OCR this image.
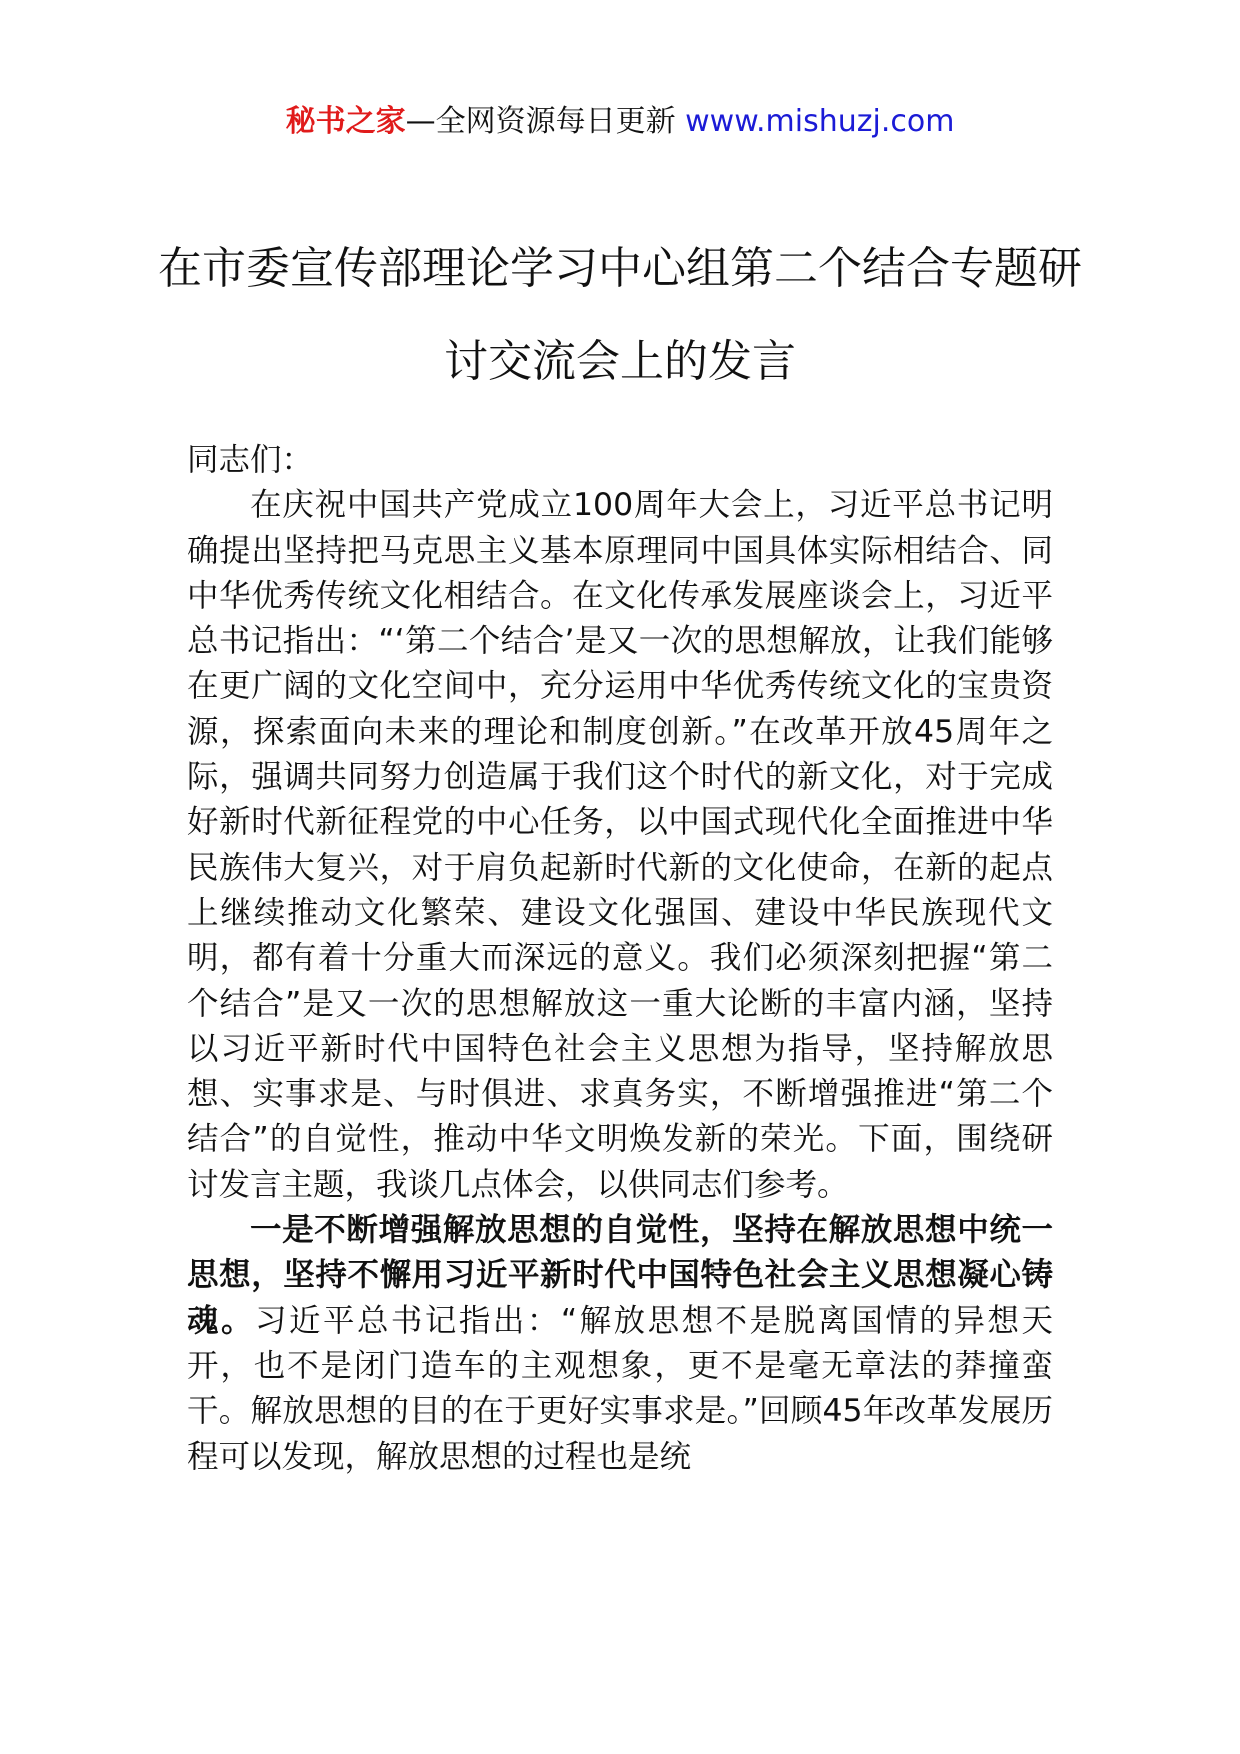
秘书之家—全网资源每日更新 www.mishuzj.com
在市委宣传部理论学习中心组第二个结合专题研讨交流会上的发言

同志们：

在庆祝中国共产党成立100周年大会上，习近平总书记明确提出坚持把马克思主义基本原理同中国具体实际相结合、同中华优秀传统文化相结合。在文化传承发展座谈会上，习近平总书记指出：“‘第二个结合’是又一次的思想解放，让我们能够在更广阔的文化空间中，充分运用中华优秀传统文化的宝贵资源，探索面向未来的理论和制度创新。”在改革开放45周年之际，强调共同努力创造属于我们这个时代的新文化，对于完成好新时代新征程党的中心任务，以中国式现代化全面推进中华民族伟大复兴，对于肩负起新时代新的文化使命，在新的起点上继续推动文化繁荣、建设文化强国、建设中华民族现代文明，都有着十分重大而深远的意义。我们必须深刻把握“第二个结合”是又一次的思想解放这一重大论断的丰富内涵，坚持以习近平新时代中国特色社会主义思想为指导，坚持解放思想、实事求是、与时俱进、求真务实，不断增强推进“第二个结合”的自觉性，推动中华文明焕发新的荣光。下面，围绕研讨发言主题，我谈几点体会，以供同志们参考。

一是不断增强解放思想的自觉性，坚持在解放思想中统一思想，坚持不懈用习近平新时代中国特色社会主义思想凝心铸魂。习近平总书记指出：“解放思想不是脱离国情的异想天开，也不是闭门造车的主观想象，更不是毫无章法的莽撞蛮干。解放思想的目的在于更好实事求是。”回顾45年改革发展历程可以发现，解放思想的过程也是统
